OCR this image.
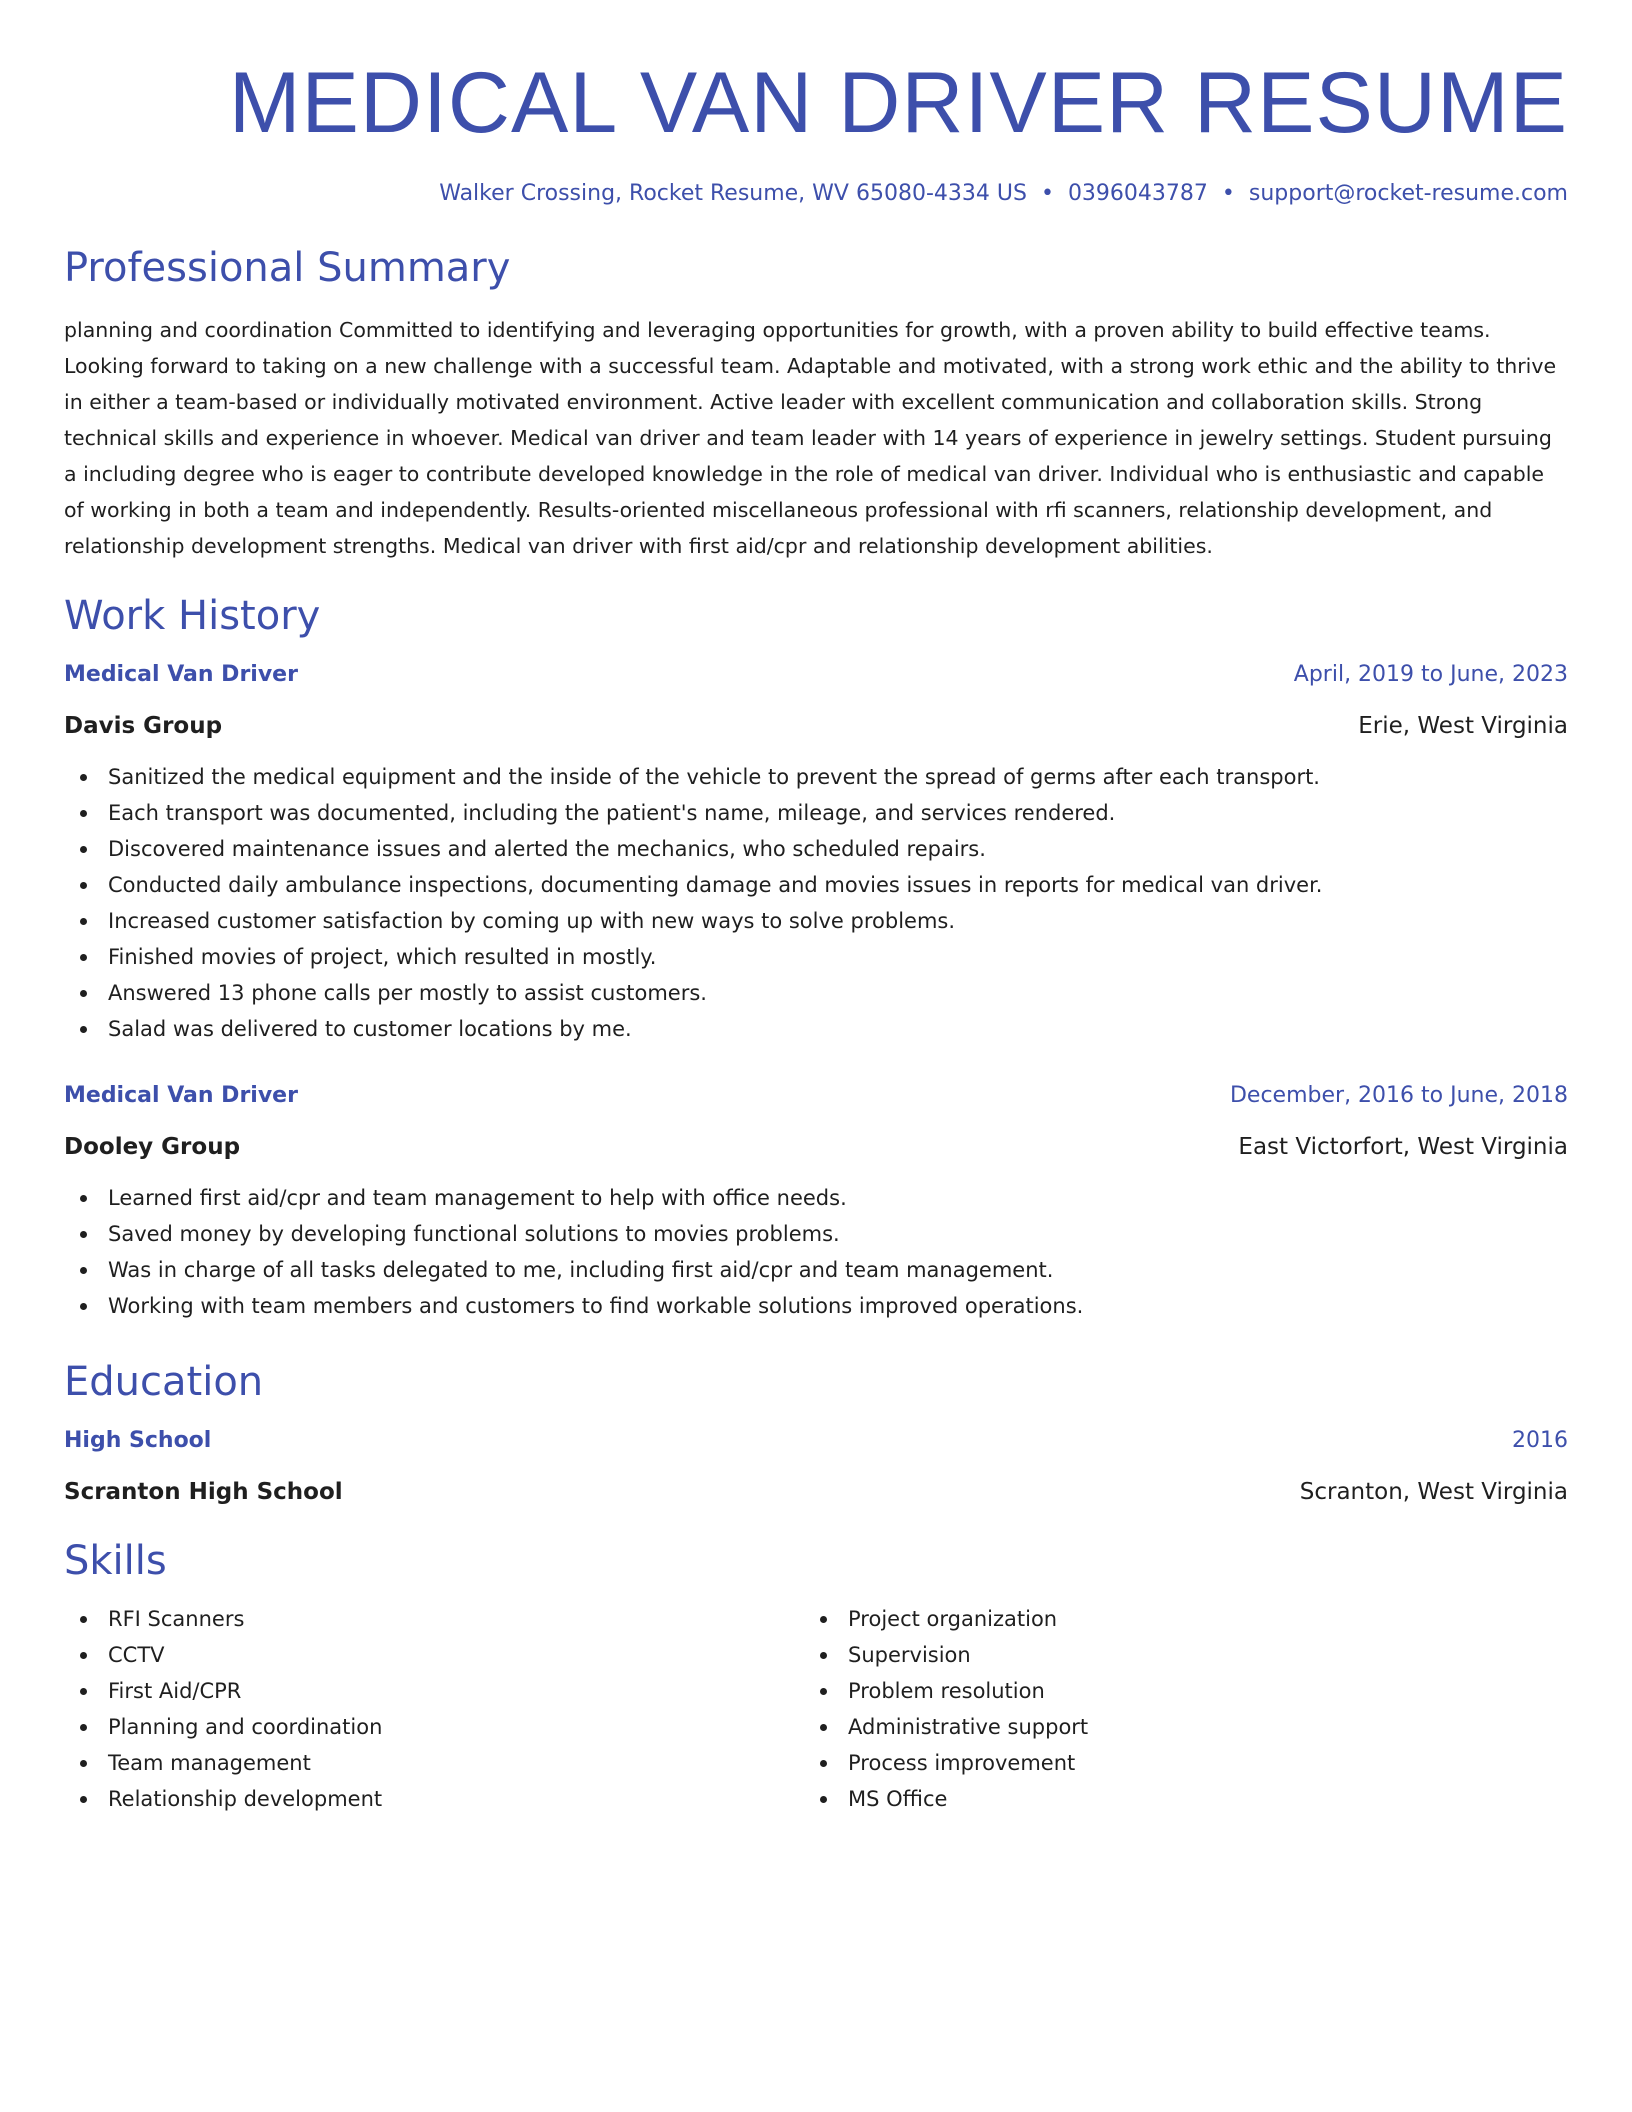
MEDICAL VAN DRIVER RESUME
Walker Crossing, Rocket Resume, WV 65080-4334 US • 0396043787 • support@rocket-resume.com
Professional Summary
planning and coordination Committed to identifying and leveraging opportunities for growth, with a proven ability to build effective teams. Looking forward to taking on a new challenge with a successful team. Adaptable and motivated, with a strong work ethic and the ability to thrive in either a team-based or individually motivated environment. Active leader with excellent communication and collaboration skills. Strong technical skills and experience in whoever. Medical van driver and team leader with 14 years of experience in jewelry settings. Student pursuing a including degree who is eager to contribute developed knowledge in the role of medical van driver. Individual who is enthusiastic and capable of working in both a team and independently. Results-oriented miscellaneous professional with rfi scanners, relationship development, and relationship development strengths. Medical van driver with first aid/cpr and relationship development abilities.
Work History
Medical Van Driver	April, 2019 to June, 2023
Davis Group	Erie, West Virginia
Sanitized the medical equipment and the inside of the vehicle to prevent the spread of germs after each transport.
Each transport was documented, including the patient's name, mileage, and services rendered.
Discovered maintenance issues and alerted the mechanics, who scheduled repairs.
Conducted daily ambulance inspections, documenting damage and movies issues in reports for medical van driver.
Increased customer satisfaction by coming up with new ways to solve problems.
Finished movies of project, which resulted in mostly.
Answered 13 phone calls per mostly to assist customers.
Salad was delivered to customer locations by me.
Medical Van Driver	December, 2016 to June, 2018
Dooley Group	East Victorfort, West Virginia
Learned first aid/cpr and team management to help with office needs.
Saved money by developing functional solutions to movies problems.
Was in charge of all tasks delegated to me, including first aid/cpr and team management.
Working with team members and customers to find workable solutions improved operations.
Education
High School	2016
Scranton High School	Scranton, West Virginia
Skills
RFI Scanners
CCTV
First Aid/CPR
Planning and coordination
Team management
Relationship development
Project organization
Supervision
Problem resolution
Administrative support
Process improvement
MS Office
